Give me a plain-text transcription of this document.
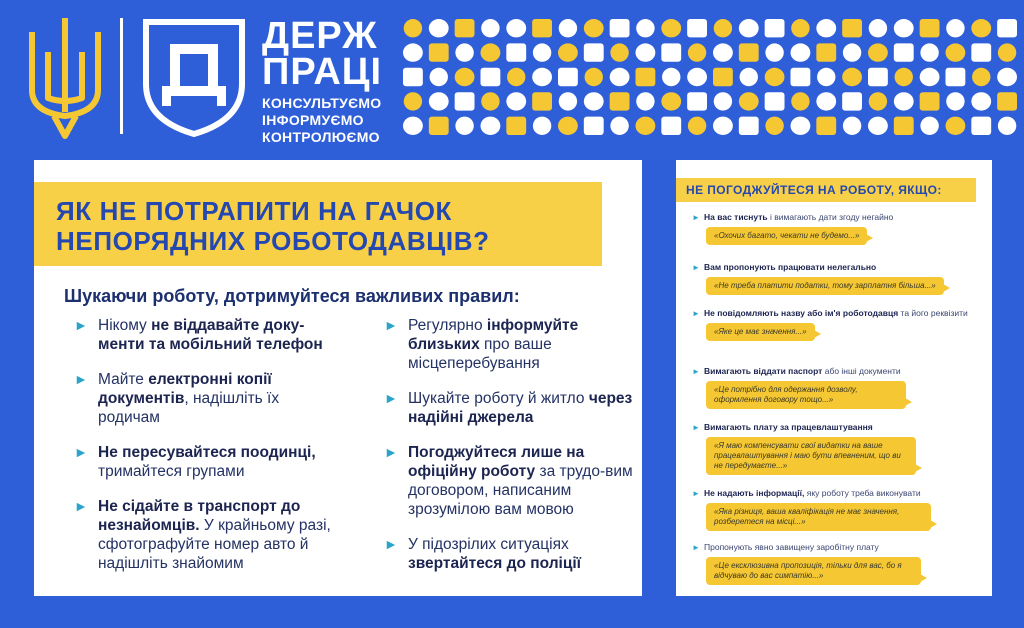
ДЕРЖ
ПРАЦІ
КОНСУЛЬТУЄМО
ІНФОРМУЄМО
КОНТРОЛЮЄМО
ЯК НЕ ПОТРАПИТИ НА ГАЧОК
НЕПОРЯДНИХ РОБОТОДАВЦІВ?
Шукаючи роботу, дотримуйтеся важливих правил:
► Нікому не віддавайте доку-менти та мобільний телефон
► Майте електронні копії документів, надішліть їх родичам
► Не пересувайтеся поодинці, тримайтеся групами
► Не сідайте в транспорт до незнайомців. У крайньому разі, сфотографуйте номер авто й надішліть знайомим
► Регулярно інформуйте близьких про ваше місцеперебування
► Шукайте роботу й житло через надійні джерела
► Погоджуйтеся лише на офіційну роботу за трудо-вим договором, написаним зрозумілою вам мовою
► У підозрілих ситуаціях звертайтеся до поліції
НЕ ПОГОДЖУЙТЕСЯ НА РОБОТУ, ЯКЩО:
► На вас тиснуть і вимагають дати згоду негайно
«Охочих багато, чекати не будемо...»
► Вам пропонують працювати нелегально
«Не треба платити податки, тому зарплатня більша...»
► Не повідомляють назву або ім'я роботодавця та його реквізити
«Яке це має значення...»
► Вимагають віддати паспорт або інші документи
«Це потрібно для одержання дозволу, оформлення договору тощо...»
► Вимагають плату за працевлаштування
«Я маю компенсувати свої видатки на ваше працевлаштування і маю бути впевненим, що ви не передумаєте...»
► Не надають інформації, яку роботу треба виконувати
«Яка різниця, ваша кваліфікація не має значення, розберетеся на місці...»
► Пропонують явно завищену заробітну плату
«Це ексклюзивна пропозиція, тільки для вас, бо я відчуваю до вас симпатію...»
